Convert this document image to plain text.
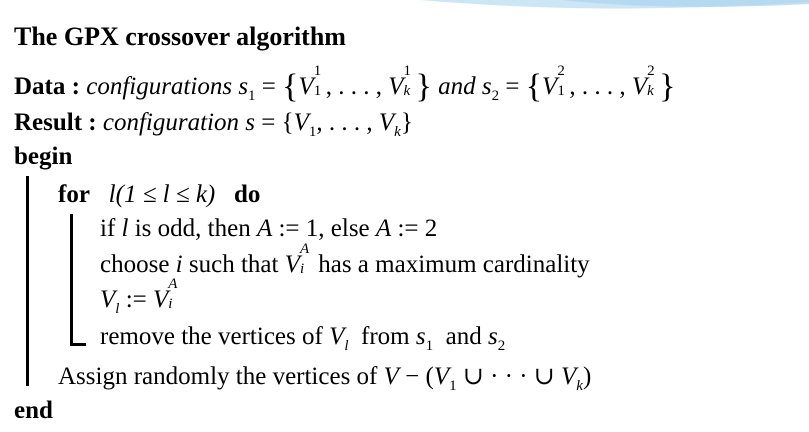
The GPX crossover algorithm
Data : configurations $s_1 = \{V$
1
1 , . . . , V
1
k } and $s_2 = \{V$
2
1 , . . . , V
2
k }
Result : configuration $s = \{V_1$, . . . , $V_k$}
begin
for l(1 ≤ l ≤ k) do
if l is odd, then A := 1, else A := 2
choose i such that V
A
i has a maximum cardinality
$V_l$ := V
A
i
remove the vertices of $V_l$ from $s_1$ and $s_2$
Assign randomly the vertices of $V - (V_1$ ∪ · · · ∪ $V_k$)
end
